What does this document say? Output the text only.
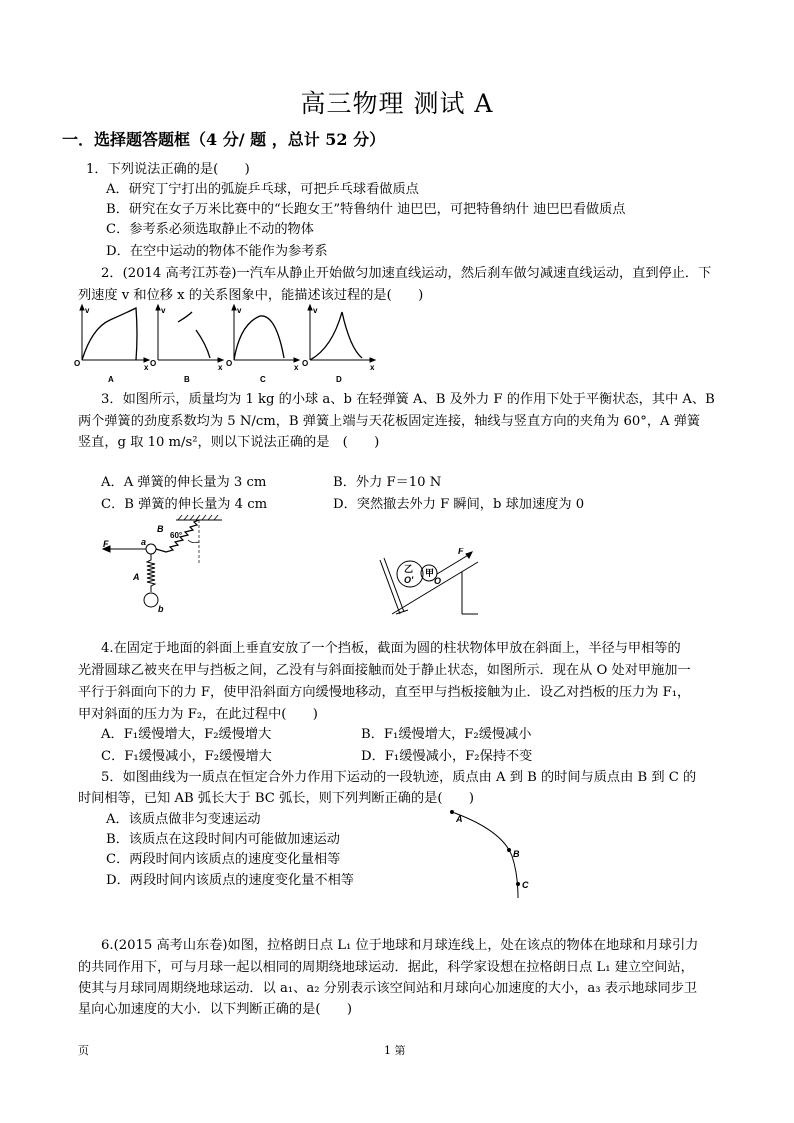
高三物理 测试 A
一．选择题答题框（4 分/ 题 ，总计 52 分）
1．下列说法正确的是(　　)
A．研究丁宁打出的弧旋乒乓球，可把乒乓球看做质点
B．研究在女子万米比赛中的“长跑女王”特鲁纳什 迪巴巴，可把特鲁纳什 迪巴巴看做质点
C．参考系必须选取静止不动的物体
D．在空中运动的物体不能作为参考系
2．(2014 高考江苏卷)一汽车从静止开始做匀加速直线运动，然后刹车做匀减速直线运动，直到停止．下
列速度 v 和位移 x 的关系图象中，能描述该过程的是(　　)
v	v	v	v
x	x	x	x
O	O	O	O
A	B	C	D
3．如图所示，质量均为 1 kg 的小球 a、b 在轻弹簧 A、B 及外力 F 的作用下处于平衡状态，其中 A、B
两个弹簧的劲度系数均为 5 N/cm，B 弹簧上端与天花板固定连接，轴线与竖直方向的夹角为 60°，A 弹簧
竖直，g 取 10 m/s²，则以下说法正确的是　(　　)
A．A 弹簧的伸长量为 3 cm	B．外力 F＝10 N
C．B 弹簧的伸长量为 4 cm	D．突然撤去外力 F 瞬间，b 球加速度为 0
F	a
B
60°
A
b
乙
O′
甲
O
F
4.在固定于地面的斜面上垂直安放了一个挡板，截面为圆的柱状物体甲放在斜面上，半径与甲相等的
光滑圆球乙被夹在甲与挡板之间，乙没有与斜面接触而处于静止状态，如图所示．现在从 O 处对甲施加一
平行于斜面向下的力 F，使甲沿斜面方向缓慢地移动，直至甲与挡板接触为止．设乙对挡板的压力为 F₁，
甲对斜面的压力为 F₂，在此过程中(　　)
A．F₁缓慢增大，F₂缓慢增大	B．F₁缓慢增大，F₂缓慢减小
C．F₁缓慢减小，F₂缓慢增大	D．F₁缓慢减小，F₂保持不变
5．如图曲线为一质点在恒定合外力作用下运动的一段轨迹，质点由 A 到 B 的时间与质点由 B 到 C 的
时间相等，已知 AB 弧长大于 BC 弧长，则下列判断正确的是(　　)
A．该质点做非匀变速运动
B．该质点在这段时间内可能做加速运动
C．两段时间内该质点的速度变化量相等
D．两段时间内该质点的速度变化量不相等
A
B
C
6.(2015 高考山东卷)如图，拉格朗日点 L₁ 位于地球和月球连线上，处在该点的物体在地球和月球引力
的共同作用下，可与月球一起以相同的周期绕地球运动．据此，科学家设想在拉格朗日点 L₁ 建立空间站，
使其与月球同周期绕地球运动．以 a₁、a₂ 分别表示该空间站和月球向心加速度的大小，a₃ 表示地球同步卫
星向心加速度的大小．以下判断正确的是(　　)
页	1 第
